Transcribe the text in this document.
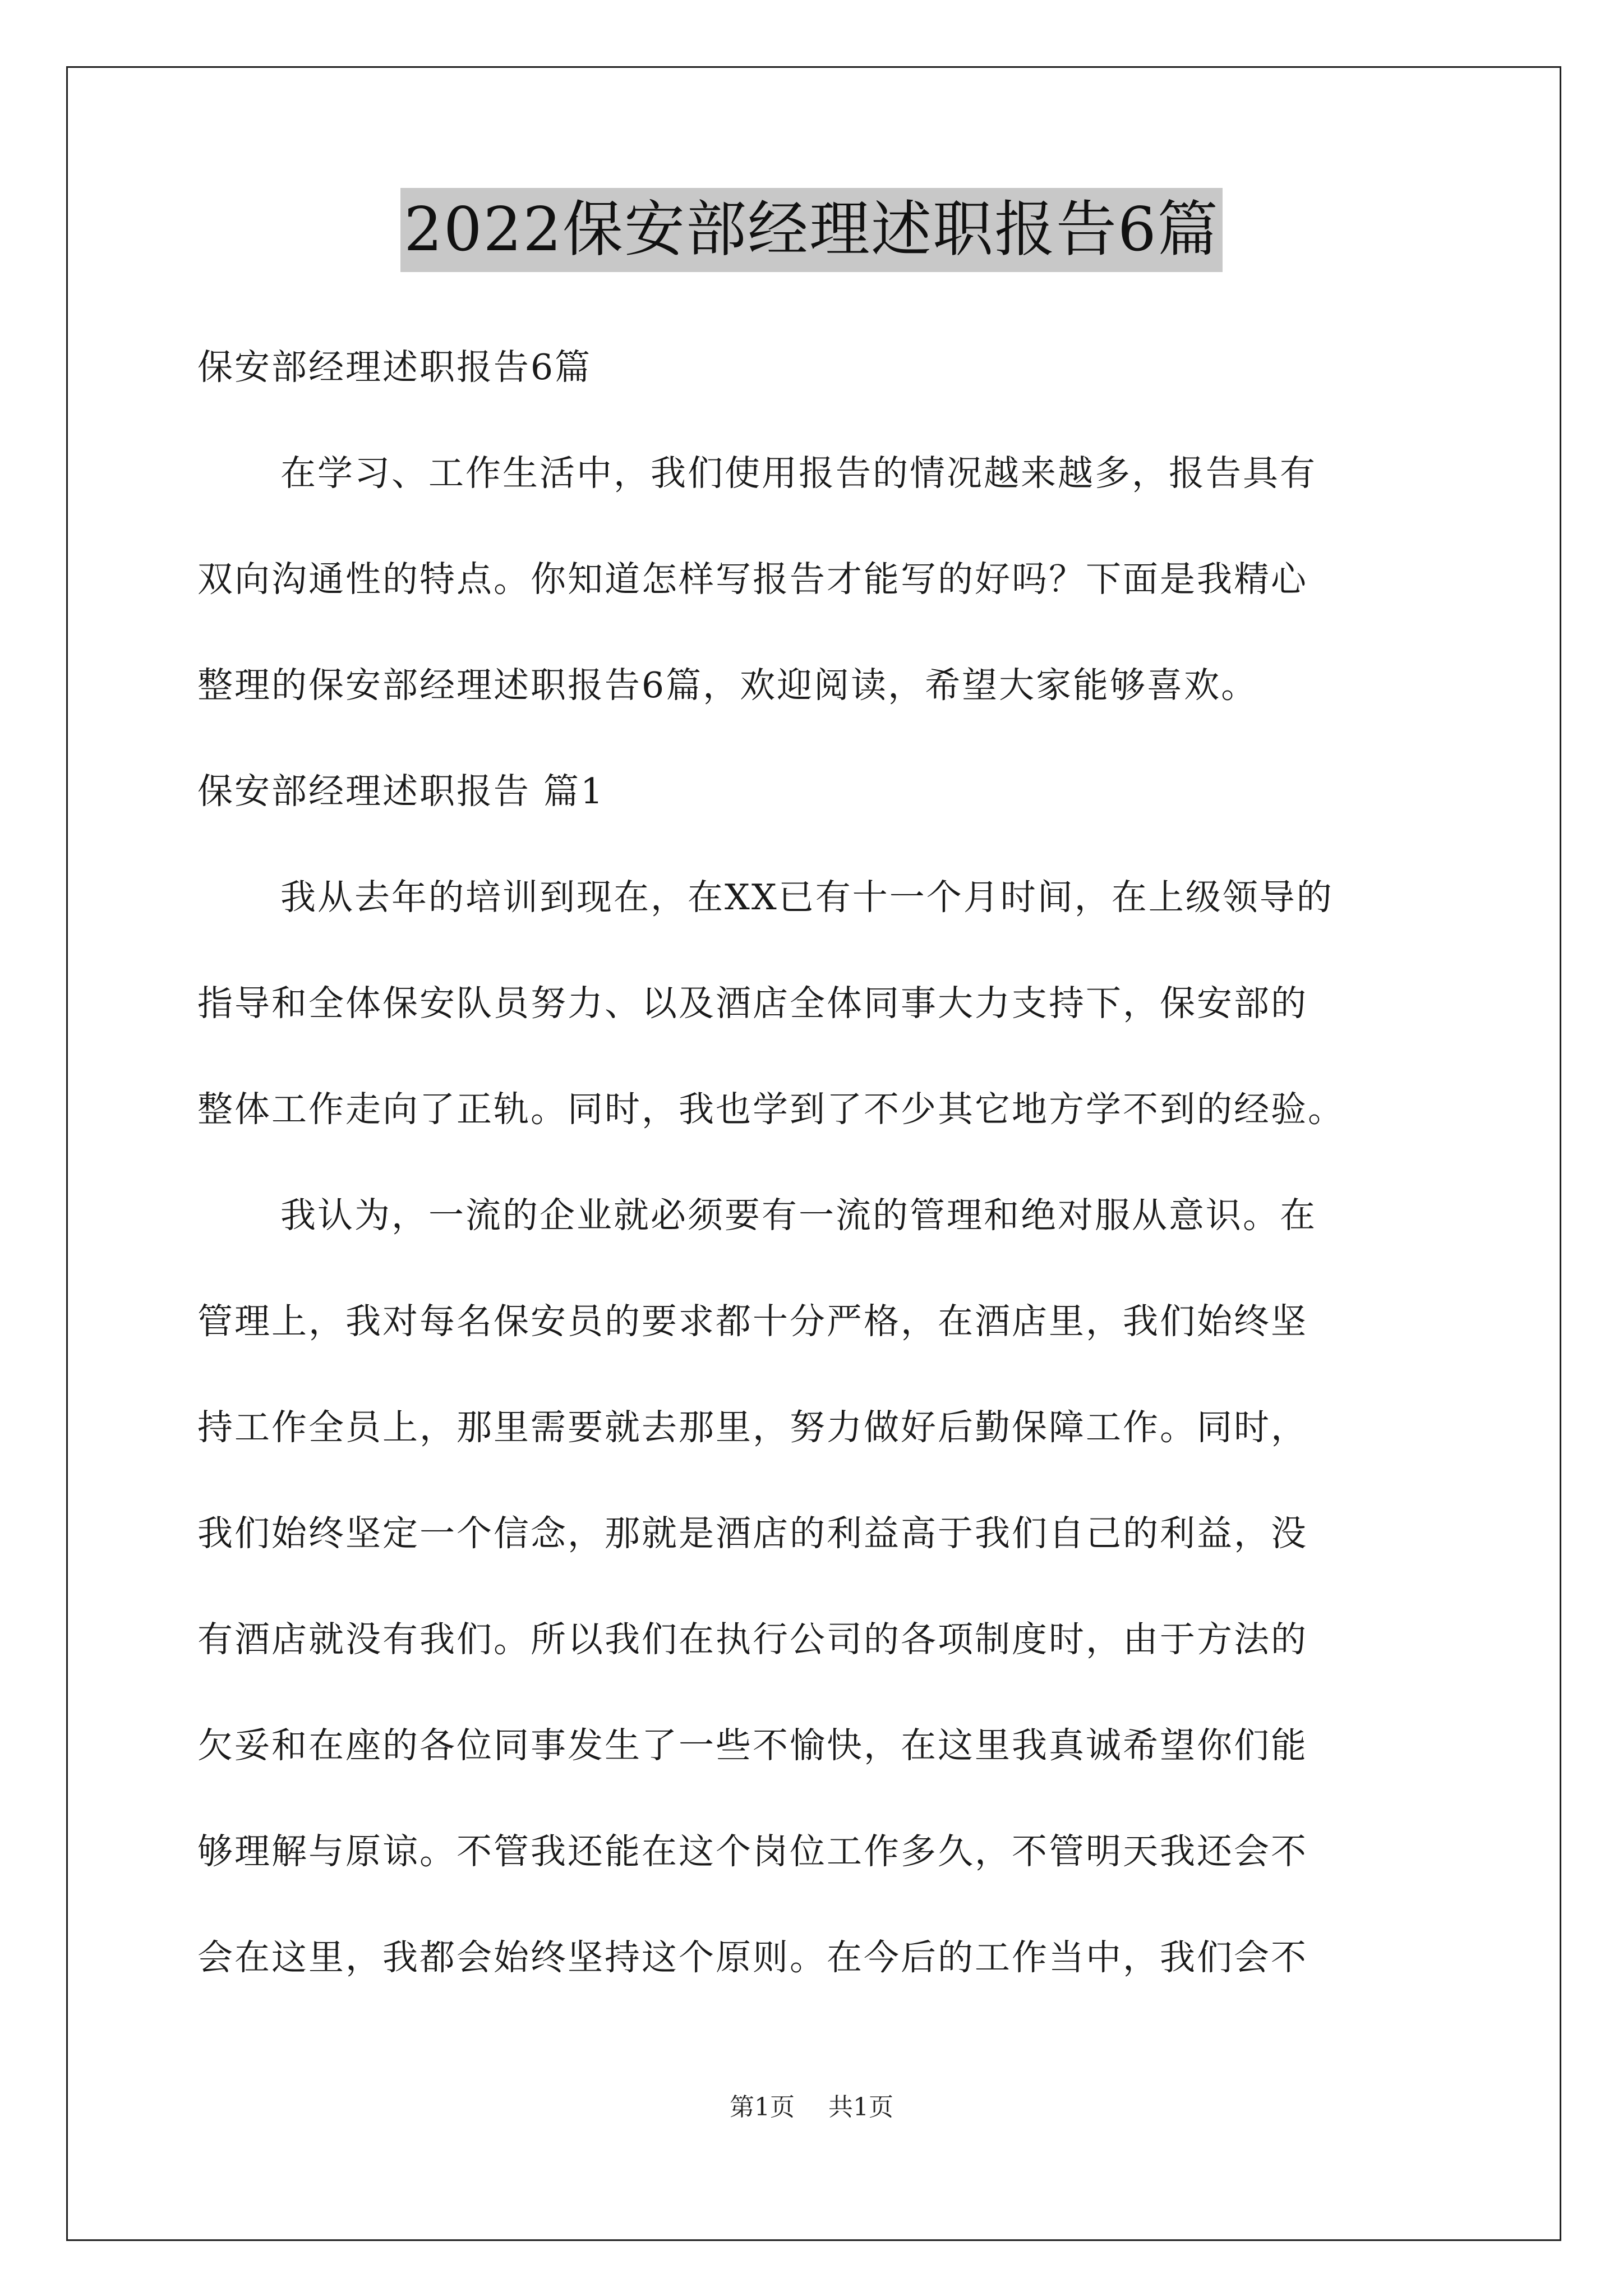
2022保安部经理述职报告6篇
保安部经理述职报告6篇
在学习、工作生活中，我们使用报告的情况越来越多，报告具有
双向沟通性的特点。你知道怎样写报告才能写的好吗？下面是我精心
整理的保安部经理述职报告6篇，欢迎阅读，希望大家能够喜欢。
保安部经理述职报告 篇1
我从去年的培训到现在，在XX已有十一个月时间，在上级领导的
指导和全体保安队员努力、以及酒店全体同事大力支持下，保安部的
整体工作走向了正轨。同时，我也学到了不少其它地方学不到的经验。
我认为，一流的企业就必须要有一流的管理和绝对服从意识。在
管理上，我对每名保安员的要求都十分严格，在酒店里，我们始终坚
持工作全员上，那里需要就去那里，努力做好后勤保障工作。同时，
我们始终坚定一个信念，那就是酒店的利益高于我们自己的利益，没
有酒店就没有我们。所以我们在执行公司的各项制度时，由于方法的
欠妥和在座的各位同事发生了一些不愉快，在这里我真诚希望你们能
够理解与原谅。不管我还能在这个岗位工作多久，不管明天我还会不
会在这里，我都会始终坚持这个原则。在今后的工作当中，我们会不
第1页 共1页
